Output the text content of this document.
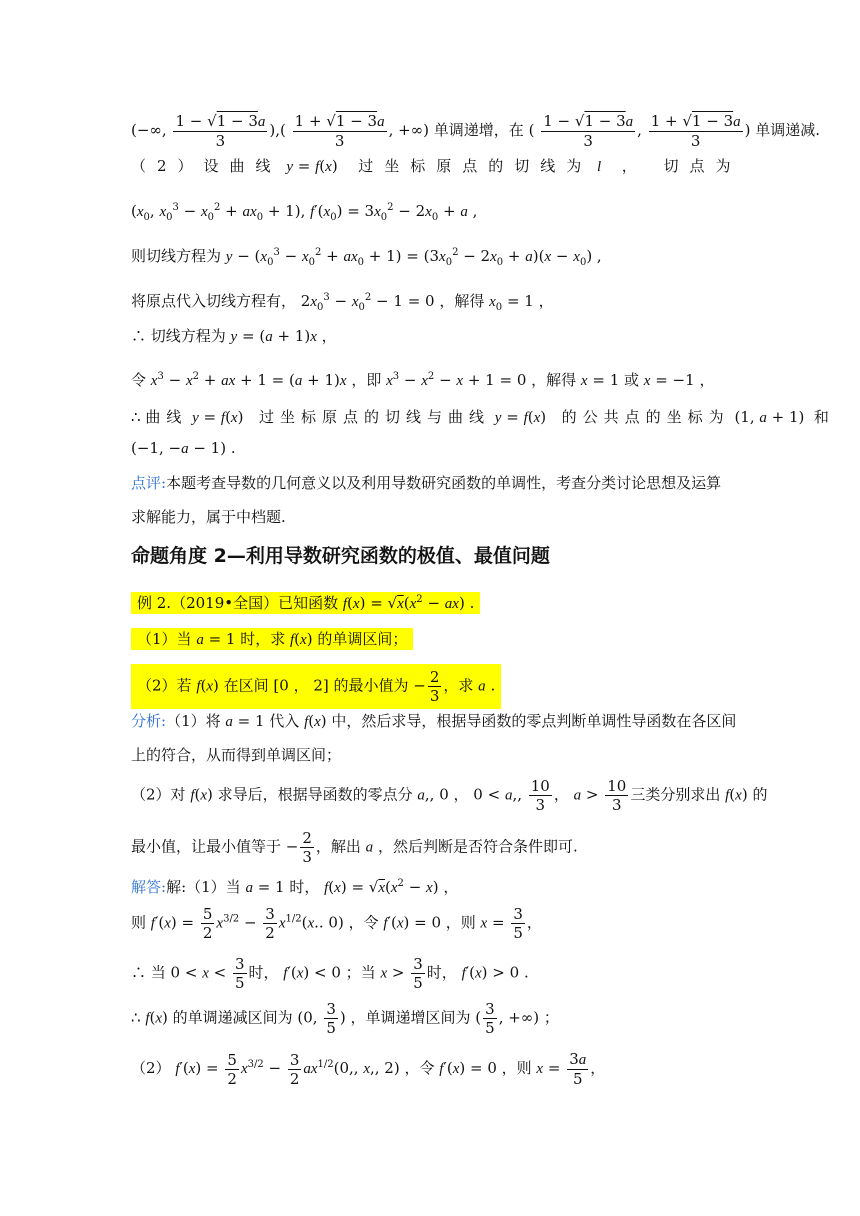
(−∞, $\frac{1 - √1 - 3a}{3}$ ),( $\frac{1 + √1 - 3a}{3}$ , +∞) 单调递增，在 ( $\frac{1 - √1 - 3a}{3}$ , $\frac{1 + √1 - 3a}{3}$ ) 单调递减.
（2）设曲线 y = f(x)  过坐标原点的切线为 l  ， 切点为
($x_0$, $x_0^3 - x_0^2 + ax_0 + 1$), $f'(x_0) = 3x_0^2 - 2x_0 + a$ ,
则切线方程为 $y - (x_0^3 - x_0^2 + ax_0 + 1) = (3x_0^2 - 2x_0 + a)(x - x_0)$ ,
将原点代入切线方程有， $2x_0^3 - x_0^2 - 1 = 0$ ，解得 $x_0 = 1$ ，
∴ 切线方程为 y = (a + 1)x ，
令 $x^3 - x^2$ + ax + 1 = (a + 1)x ，即 $x^3 - x^2 - x + 1 = 0$ ，解得 x = 1 或 x = −1 ，
∴ 曲线 y = f(x)  过坐标原点的切线与曲线 y = f(x)  的公共点的坐标为 (1, a + 1)  和
(−1, −a − 1) .
点评:本题考查导数的几何意义以及利用导数研究函数的单调性，考查分类讨论思想及运算
求解能力，属于中档题.
命题角度 2—利用导数研究函数的极值、最值问题
例 2.（2019•全国）已知函数 $f(x) = √x(x^2 - ax)$ .
（1）当 a = 1 时，求 f(x) 的单调区间；
（2）若 f(x) 在区间 [0 ， 2] 的最小值为 − $\frac{2}{3}$ ，求 a .
分析:（1）将 a = 1 代入 f(x) 中，然后求导，根据导函数的零点判断单调性导函数在各区间
上的符合，从而得到单调区间；
（2）对 f(x) 求导后，根据导函数的零点分 a,, 0 ， 0 < a,, $\frac{10}{3}$ ， $a > \frac{10}{3}$ 三类分别求出 f(x) 的
最小值，让最小值等于 − $\frac{2}{3}$ ，解出 a ，然后判断是否符合条件即可.
解答:解:（1）当 a = 1 时， $f(x) = √x(x^2 - x)$ ，
则 $f'(x) = \frac{5}{2} x^{3/2} - \frac{3}{2} x^{1/2}(x$.. 0) ，令 f′(x) = 0 ，则 $x = \frac{3}{5}$ ，
∴ 当 $0 < x < \frac{3}{5}$ 时， f′(x) < 0 ；当 $x > \frac{3}{5}$ 时， f′(x) > 0 .
∴ f(x) 的单调递减区间为 (0, $\frac{3}{5}$ ) ，单调递增区间为 ( $\frac{3}{5}$ , +∞) ；
（2） $f'(x) = \frac{5}{2} x^{3/2} - \frac{3}{2} ax^{1/2}(0$,, x,, 2) ，令 f′(x) = 0 ，则 $x = \frac{3a}{5}$ ，
